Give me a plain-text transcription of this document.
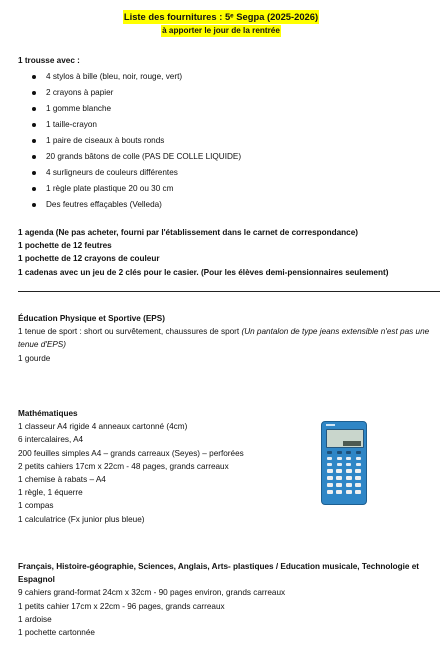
Liste des fournitures : 5ᵉ Segpa (2025-2026)
à apporter le jour de la rentrée
1 trousse avec :
4 stylos à bille (bleu, noir, rouge, vert)
2 crayons à papier
1 gomme blanche
1 taille-crayon
1 paire de ciseaux à bouts ronds
20 grands bâtons de colle (PAS DE COLLE LIQUIDE)
4 surligneurs de couleurs différentes
1 règle plate plastique 20 ou 30 cm
Des feutres effaçables (Velleda)
1 agenda (Ne pas acheter, fourni par l'établissement dans le carnet de correspondance)
1 pochette de 12 feutres
1 pochette de 12 crayons de couleur
1 cadenas avec un jeu de 2 clés pour le casier. (Pour les élèves demi-pensionnaires seulement)
Éducation Physique et Sportive (EPS)
1 tenue de sport : short ou survêtement, chaussures de sport (Un pantalon de type jeans extensible n'est pas une tenue d'EPS)
1 gourde
Mathématiques
1 classeur A4 rigide 4 anneaux cartonné (4cm)
6 intercalaires, A4
200 feuilles simples A4 – grands carreaux (Seyes) – perforées
2 petits cahiers 17cm x 22cm - 48 pages, grands carreaux
1 chemise à rabats – A4
1 règle, 1 équerre
1 compas
1 calculatrice (Fx junior plus bleue)
Français, Histoire-géographie, Sciences, Anglais, Arts- plastiques / Education musicale, Technologie et Espagnol
9 cahiers grand-format 24cm x 32cm - 90 pages environ, grands carreaux
1 petits cahier 17cm x 22cm - 96 pages, grands carreaux
1 ardoise
1 pochette cartonnée
